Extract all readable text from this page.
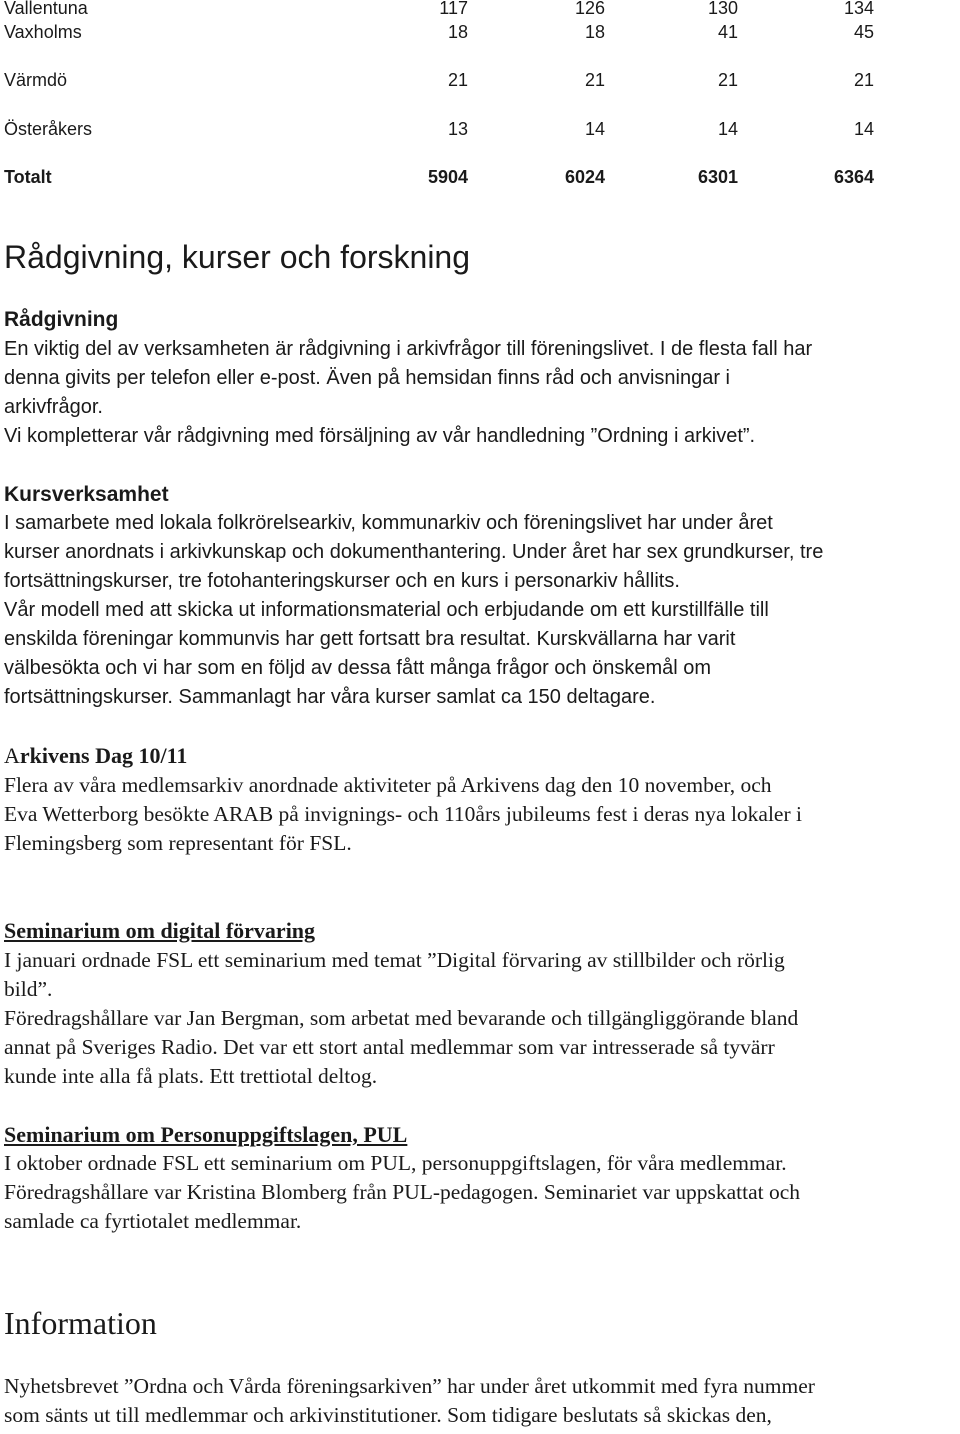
Vallentuna	117	126	130	134
Vaxholms	18	18	41	45
Värmdö	21	21	21	21
Österåkers	13	14	14	14
Totalt	5904	6024	6301	6364
Rådgivning, kurser och forskning
Rådgivning
En viktig del av verksamheten är rådgivning i arkivfrågor till föreningslivet. I de flesta fall har
denna givits per telefon eller e-post. Även på hemsidan finns råd och anvisningar i
arkivfrågor.
Vi kompletterar vår rådgivning med försäljning av vår handledning ”Ordning i arkivet”.
Kursverksamhet
I samarbete med lokala folkrörelsearkiv, kommunarkiv och föreningslivet har under året
kurser anordnats i arkivkunskap och dokumenthantering. Under året har sex grundkurser, tre
fortsättningskurser, tre fotohanteringskurser och en kurs i personarkiv hållits.
Vår modell med att skicka ut informationsmaterial och erbjudande om ett kurstillfälle till
enskilda föreningar kommunvis har gett fortsatt bra resultat. Kurskvällarna har varit
välbesökta och vi har som en följd av dessa fått många frågor och önskemål om
fortsättningskurser. Sammanlagt har våra kurser samlat ca 150 deltagare.
Arkivens Dag 10/11
Flera av våra medlemsarkiv anordnade aktiviteter på Arkivens dag den 10 november, och
Eva Wetterborg besökte ARAB på invignings- och 110års jubileums fest i deras nya lokaler i
Flemingsberg som representant för FSL.
Seminarium om digital förvaring
I januari ordnade FSL ett seminarium med temat ”Digital förvaring av stillbilder och rörlig
bild”.
Föredragshållare var Jan Bergman, som arbetat med bevarande och tillgängliggörande bland
annat på Sveriges Radio. Det var ett stort antal medlemmar som var intresserade så tyvärr
kunde inte alla få plats. Ett trettiotal deltog.
Seminarium om Personuppgiftslagen, PUL
I oktober ordnade FSL ett seminarium om PUL, personuppgiftslagen, för våra medlemmar.
Föredragshållare var Kristina Blomberg från PUL-pedagogen. Seminariet var uppskattat och
samlade ca fyrtiotalet medlemmar.
Information
Nyhetsbrevet ”Ordna och Vårda föreningsarkiven” har under året utkommit med fyra nummer
som sänts ut till medlemmar och arkivinstitutioner. Som tidigare beslutats så skickas den,
